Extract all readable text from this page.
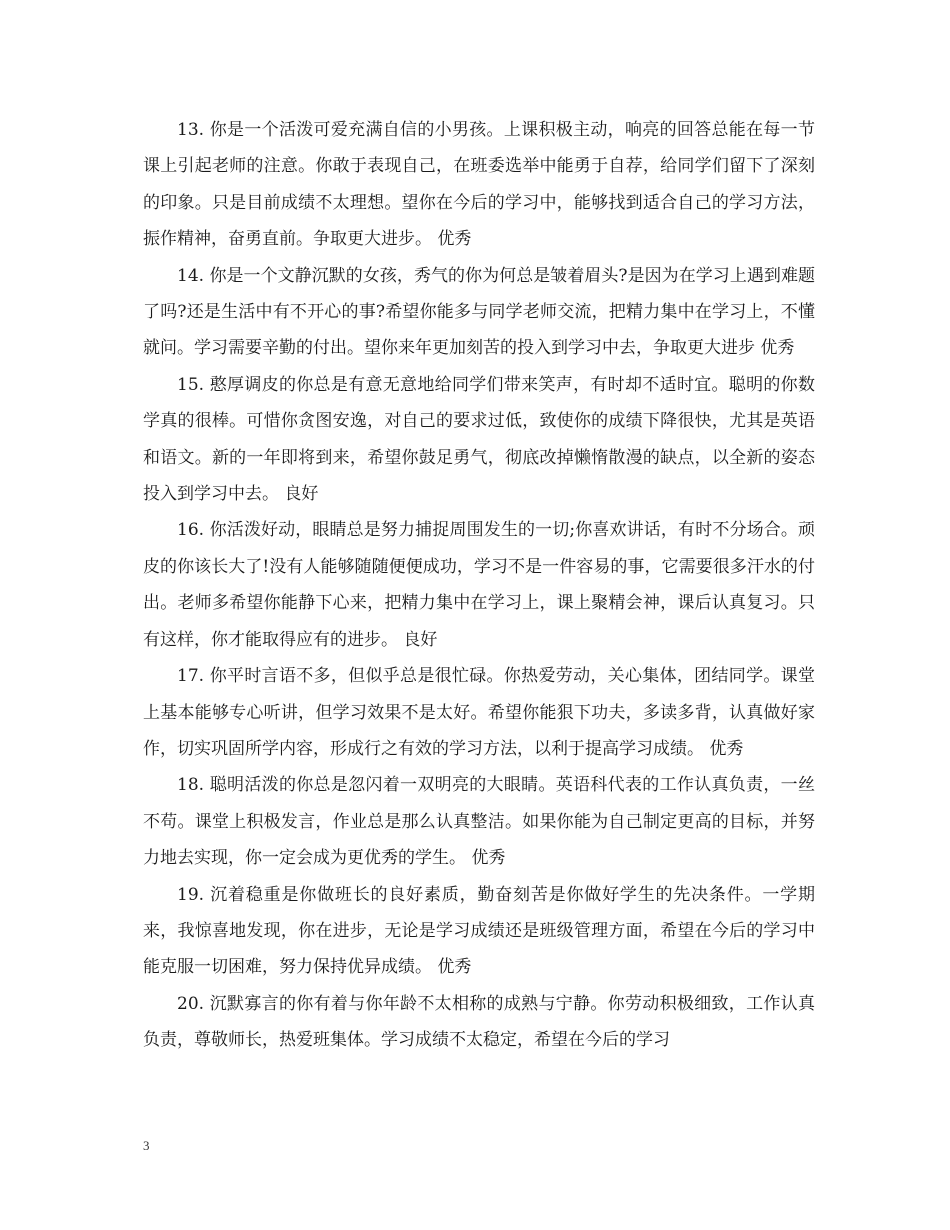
13. 你是一个活泼可爱充满自信的小男孩。上课积极主动，响亮的回答总能在每一节课上引起老师的注意。你敢于表现自己，在班委选举中能勇于自荐，给同学们留下了深刻的印象。只是目前成绩不太理想。望你在今后的学习中，能够找到适合自己的学习方法，振作精神，奋勇直前。争取更大进步。 优秀

14. 你是一个文静沉默的女孩，秀气的你为何总是皱着眉头?是因为在学习上遇到难题了吗?还是生活中有不开心的事?希望你能多与同学老师交流，把精力集中在学习上，不懂就问。学习需要辛勤的付出。望你来年更加刻苦的投入到学习中去，争取更大进步 优秀

15. 憨厚调皮的你总是有意无意地给同学们带来笑声，有时却不适时宜。聪明的你数学真的很棒。可惜你贪图安逸，对自己的要求过低，致使你的成绩下降很快，尤其是英语和语文。新的一年即将到来，希望你鼓足勇气，彻底改掉懒惰散漫的缺点，以全新的姿态投入到学习中去。 良好

16. 你活泼好动，眼睛总是努力捕捉周围发生的一切;你喜欢讲话，有时不分场合。顽皮的你该长大了!没有人能够随随便便成功，学习不是一件容易的事，它需要很多汗水的付出。老师多希望你能静下心来，把精力集中在学习上，课上聚精会神，课后认真复习。只有这样，你才能取得应有的进步。 良好

17. 你平时言语不多，但似乎总是很忙碌。你热爱劳动，关心集体，团结同学。课堂上基本能够专心听讲，但学习效果不是太好。希望你能狠下功夫，多读多背，认真做好家作，切实巩固所学内容，形成行之有效的学习方法，以利于提高学习成绩。 优秀

18. 聪明活泼的你总是忽闪着一双明亮的大眼睛。英语科代表的工作认真负责，一丝不苟。课堂上积极发言，作业总是那么认真整洁。如果你能为自己制定更高的目标，并努力地去实现，你一定会成为更优秀的学生。 优秀

19. 沉着稳重是你做班长的良好素质，勤奋刻苦是你做好学生的先决条件。一学期来，我惊喜地发现，你在进步，无论是学习成绩还是班级管理方面，希望在今后的学习中能克服一切困难，努力保持优异成绩。 优秀

20. 沉默寡言的你有着与你年龄不太相称的成熟与宁静。你劳动积极细致，工作认真负责，尊敬师长，热爱班集体。学习成绩不太稳定，希望在今后的学习

3
